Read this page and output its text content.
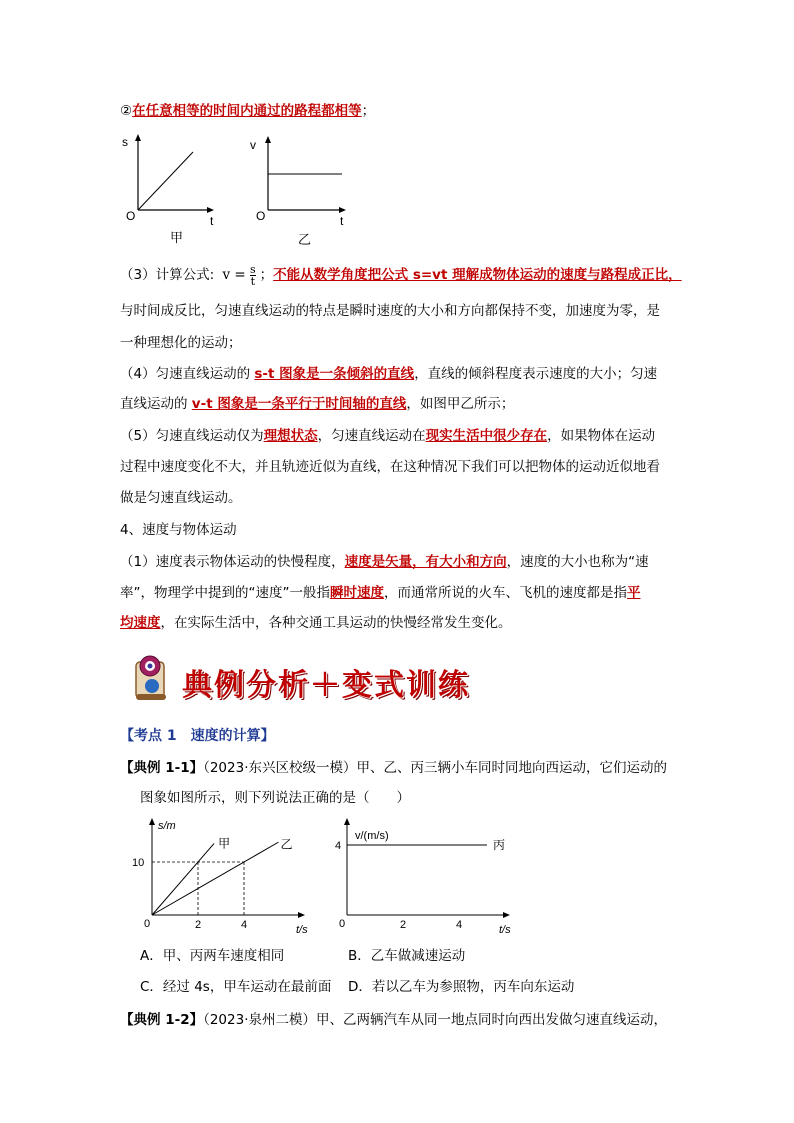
②在任意相等的时间内通过的路程都相等；
s
O	t
甲
v
O	t
乙
（3）计算公式: $v = \frac{s}{t}$ ；不能从数学角度把公式 s=vt 理解成物体运动的速度与路程成正比，
与时间成反比，匀速直线运动的特点是瞬时速度的大小和方向都保持不变，加速度为零，是
一种理想化的运动；
（4）匀速直线运动的 s-t 图象是一条倾斜的直线，直线的倾斜程度表示速度的大小；匀速
直线运动的 v-t 图象是一条平行于时间轴的直线，如图甲乙所示；
（5）匀速直线运动仅为理想状态，匀速直线运动在现实生活中很少存在，如果物体在运动
过程中速度变化不大，并且轨迹近似为直线，在这种情况下我们可以把物体的运动近似地看
做是匀速直线运动。
4、速度与物体运动
（1）速度表示物体运动的快慢程度，速度是矢量，有大小和方向，速度的大小也称为“速
率”，物理学中提到的“速度”一般指瞬时速度，而通常所说的火车、飞机的速度都是指平
均速度，在实际生活中，各种交通工具运动的快慢经常发生变化。
典例分析＋变式训练
【考点 1　速度的计算】
【典例 1-1】（2023·东兴区校级一模）甲、乙、丙三辆小车同时同地向西运动，它们运动的
图象如图所示，则下列说法正确的是（　　）
s/m
t/s
0
10
2	4
甲	乙
v/(m/s)
t/s
0
4
2	4
丙
A．甲、丙两车速度相同	B．乙车做减速运动
C．经过 4s，甲车运动在最前面 D．若以乙车为参照物，丙车向东运动
【典例 1-2】（2023·泉州二模）甲、乙两辆汽车从同一地点同时向西出发做匀速直线运动，
